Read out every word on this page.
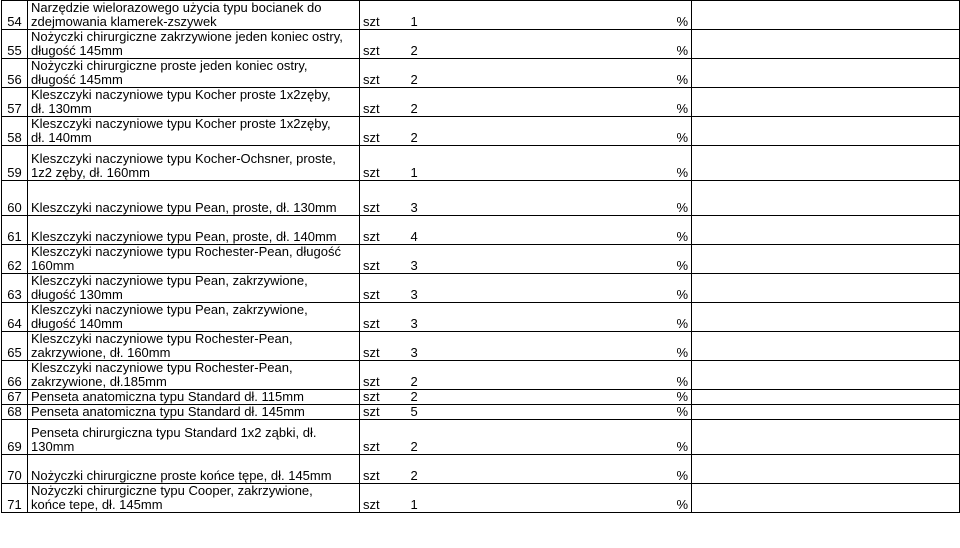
54	Narzędzie wielorazowego użycia typu bocianek do
zdejmowania klamerek-zszywek	szt	1	%	
55	Nożyczki chirurgiczne zakrzywione jeden koniec ostry,
długość 145mm	szt	2	%	
56	Nożyczki chirurgiczne proste jeden koniec ostry,
długość 145mm	szt	2	%	
57	Kleszczyki naczyniowe typu Kocher proste 1x2zęby,
dł. 130mm	szt	2	%	
58	Kleszczyki naczyniowe typu Kocher proste 1x2zęby,
dł. 140mm	szt	2	%	
59	Kleszczyki naczyniowe typu Kocher-Ochsner, proste,
1z2 zęby, dł. 160mm	szt	1	%	
60	Kleszczyki naczyniowe typu Pean, proste, dł. 130mm	szt	3	%	
61	Kleszczyki naczyniowe typu Pean, proste, dł. 140mm	szt	4	%	
62	Kleszczyki naczyniowe typu Rochester-Pean, długość
160mm	szt	3	%	
63	Kleszczyki naczyniowe typu Pean, zakrzywione,
długość 130mm	szt	3	%	
64	Kleszczyki naczyniowe typu Pean, zakrzywione,
długość 140mm	szt	3	%	
65	Kleszczyki naczyniowe typu Rochester-Pean,
zakrzywione, dł. 160mm	szt	3	%	
66	Kleszczyki naczyniowe typu Rochester-Pean,
zakrzywione, dł.185mm	szt	2	%	
67	Penseta anatomiczna typu Standard dł. 115mm	szt	2	%	
68	Penseta anatomiczna typu Standard dł. 145mm	szt	5	%	
69	Penseta chirurgiczna typu Standard 1x2 ząbki, dł.
130mm	szt	2	%	
70	Nożyczki chirurgiczne proste końce tępe, dł. 145mm	szt	2	%	
71	Nożyczki chirurgiczne typu Cooper, zakrzywione,
końce tepe, dł. 145mm	szt	1	%	
